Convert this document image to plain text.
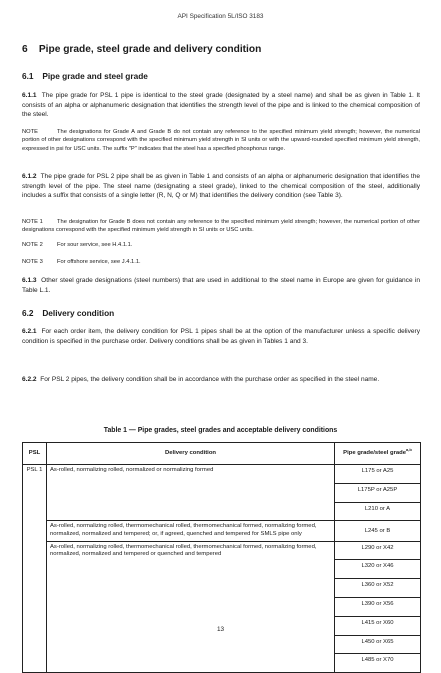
API Specification 5L/ISO 3183
6 Pipe grade, steel grade and delivery condition
6.1 Pipe grade and steel grade
6.1.1 The pipe grade for PSL 1 pipe is identical to the steel grade (designated by a steel name) and shall be as given in Table 1. It consists of an alpha or alphanumeric designation that identifies the strength level of the pipe and is linked to the chemical composition of the steel.
NOTE	The designations for Grade A and Grade B do not contain any reference to the specified minimum yield strength; however, the numerical portion of other designations correspond with the specified minimum yield strength in SI units or with the upward-rounded specified minimum yield strength, expressed in psi for USC units. The suffix "P" indicates that the steel has a specified phosphorus range.
6.1.2 The pipe grade for PSL 2 pipe shall be as given in Table 1 and consists of an alpha or alphanumeric designation that identifies the strength level of the pipe. The steel name (designating a steel grade), linked to the chemical composition of the steel, additionally includes a suffix that consists of a single letter (R, N, Q or M) that identifies the delivery condition (see Table 3).
NOTE 1 The designation for Grade B does not contain any reference to the specified minimum yield strength; however, the numerical portion of other designations correspond with the specified minimum yield strength in SI units or USC units.
NOTE 2 For sour service, see H.4.1.1.
NOTE 3 For offshore service, see J.4.1.1.
6.1.3 Other steel grade designations (steel numbers) that are used in additional to the steel name in Europe are given for guidance in Table L.1.
6.2 Delivery condition
6.2.1 For each order item, the delivery condition for PSL 1 pipes shall be at the option of the manufacturer unless a specific delivery condition is specified in the purchase order. Delivery conditions shall be as given in Tables 1 and 3.
6.2.2 For PSL 2 pipes, the delivery condition shall be in accordance with the purchase order as specified in the steel name.
Table 1 — Pipe grades, steel grades and acceptable delivery conditions
PSL	Delivery condition	Pipe grade/steel grade$^{a,b}$
PSL 1	As-rolled, normalizing rolled, normalized or normalizing formed	L175 or A25
		L175P or A25P
		L210 or A
	As-rolled, normalizing rolled, thermomechanical rolled, thermomechanical formed, normalizing formed, normalized, normalized and tempered; or, if agreed, quenched and tempered for SMLS pipe only	L245 or B
	As-rolled, normalizing rolled, thermomechanical rolled, thermomechanical formed, normalizing formed, normalized, normalized and tempered or quenched and tempered	L290 or X42
		L320 or X46
		L360 or X52
		L390 or X56
		L415 or X60
		L450 or X65
		L485 or X70
13
